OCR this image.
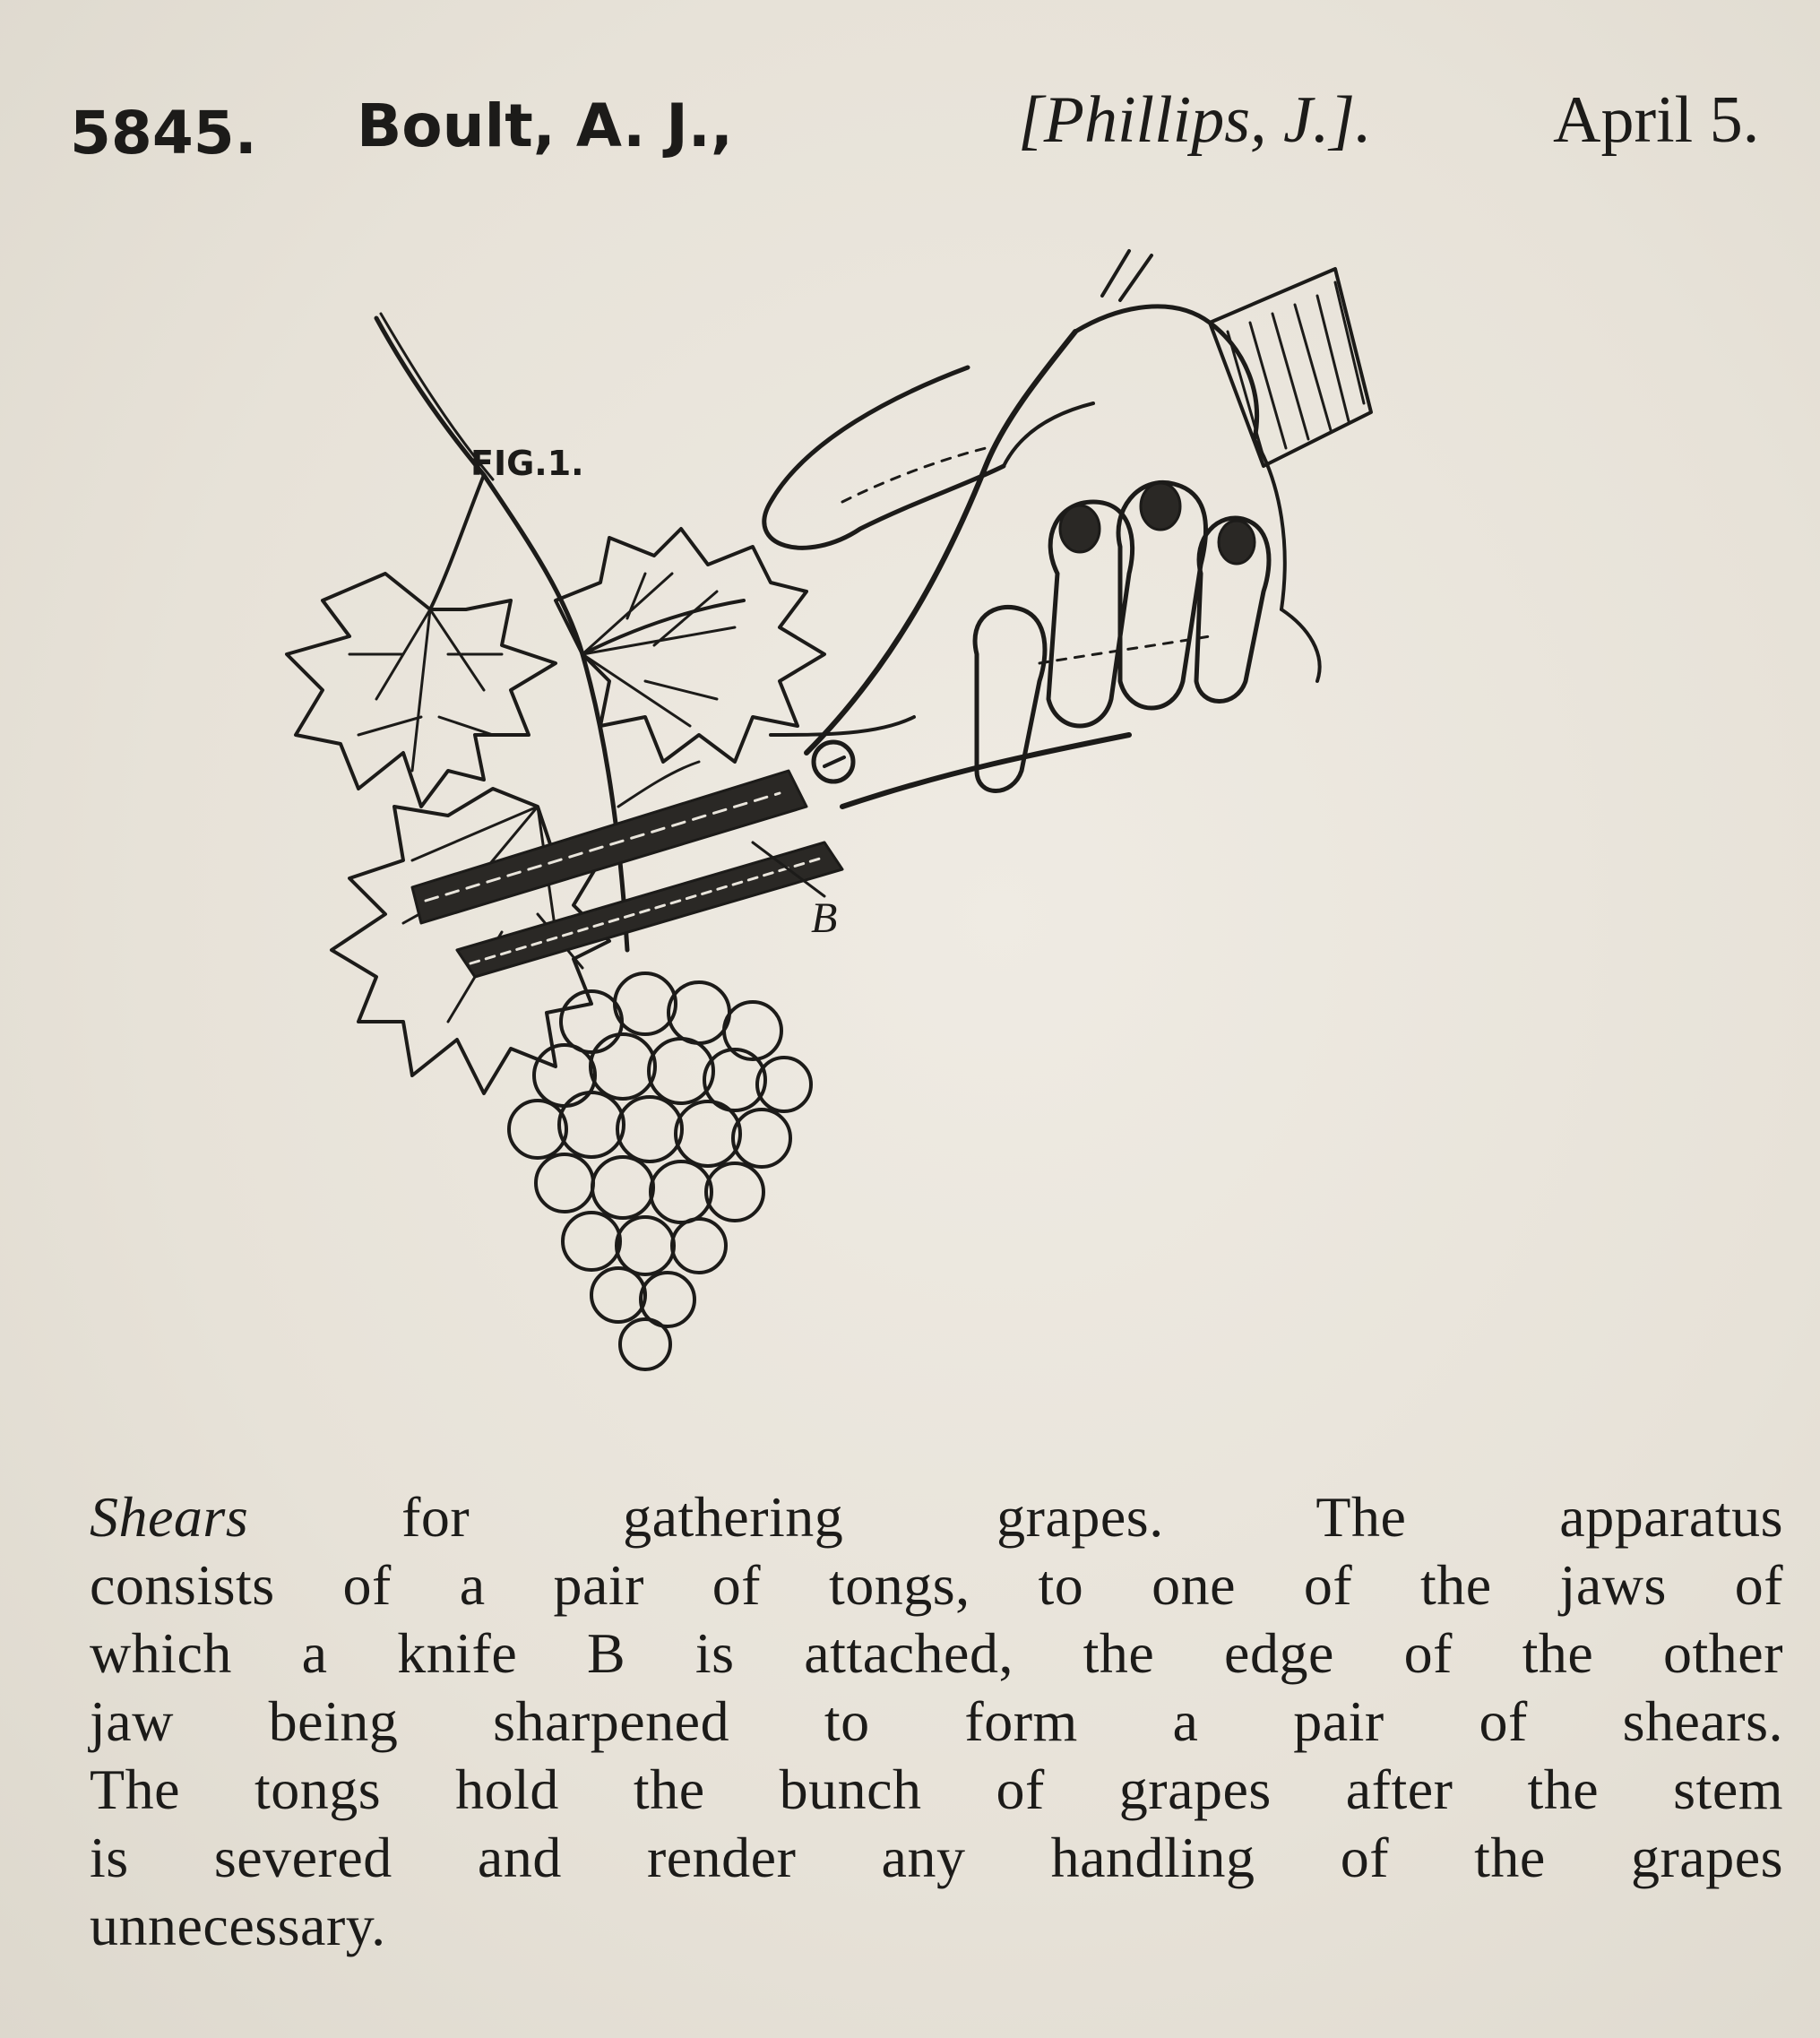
5845. Boult, A. J.,	[Phillips, J.].	April 5.
FIG.1.
B
Shears	for gathering grapes. The apparatus
consists of a pair of tongs, to one of the jaws of
which a knife B is attached, the edge of the other
jaw being sharpened to form a pair of shears.
The tongs hold the bunch of grapes after the stem
is severed and render any handling of the grapes
unnecessary.
